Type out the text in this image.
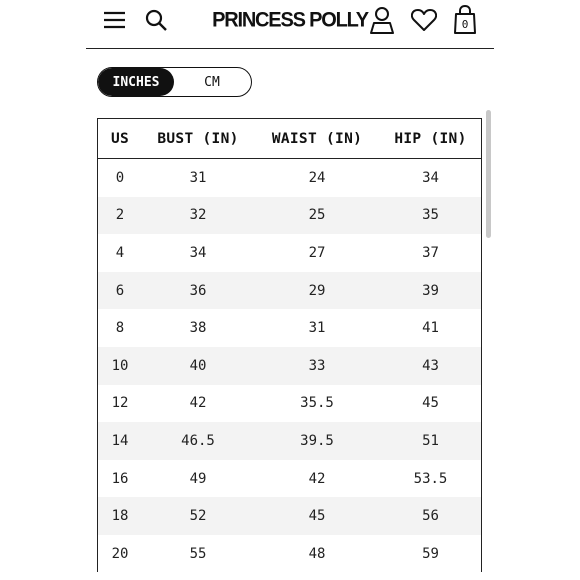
PRINCESS POLLY	0
INCHES	CM
US	BUST (IN)	WAIST (IN)	HIP (IN)
0	31	24	34
2	32	25	35
4	34	27	37
6	36	29	39
8	38	31	41
10	40	33	43
12	42	35.5	45
14	46.5	39.5	51
16	49	42	53.5
18	52	45	56
20	55	48	59
